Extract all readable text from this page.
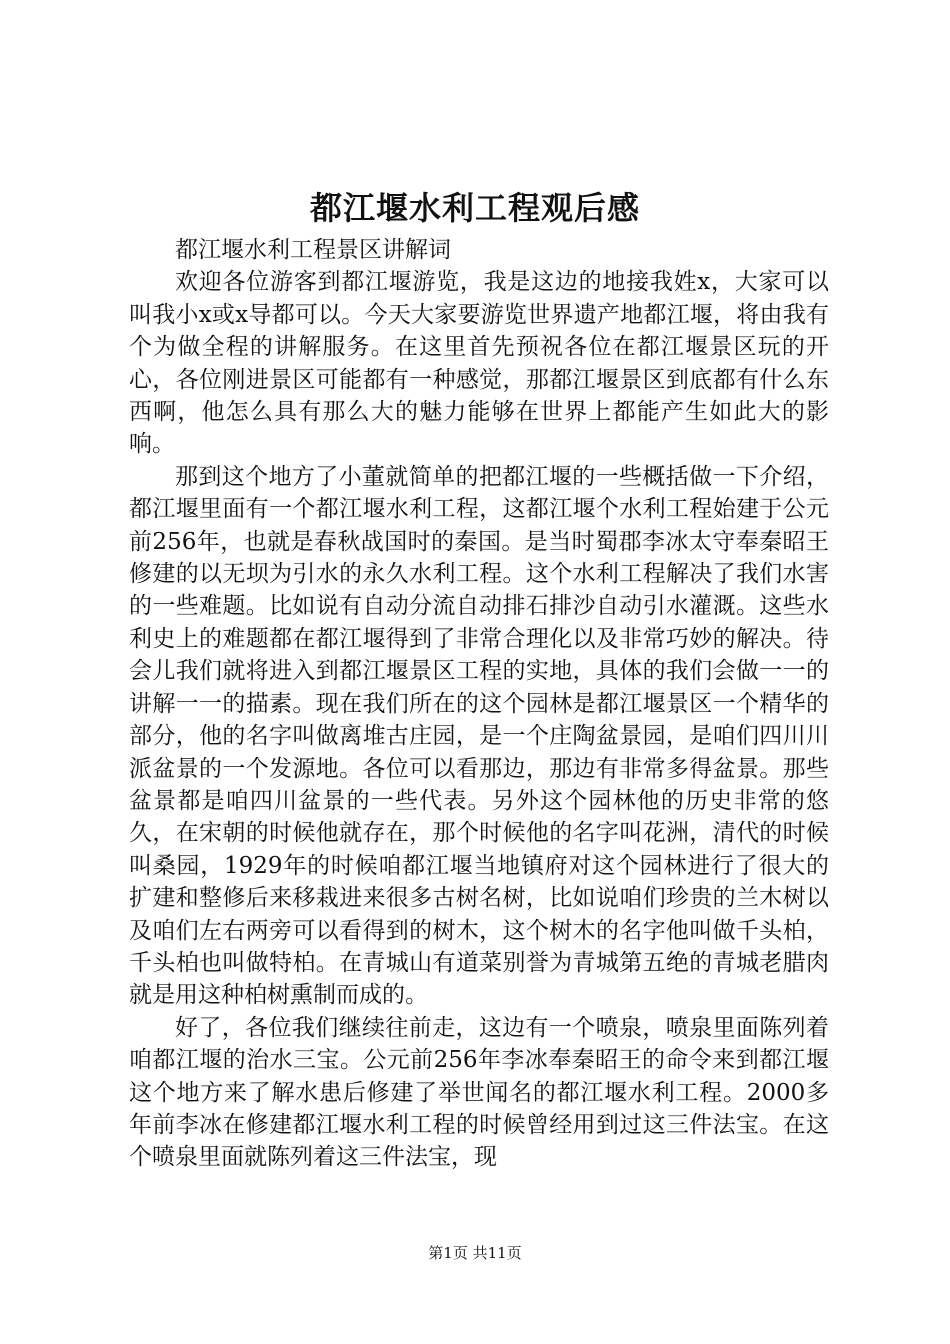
都江堰水利工程观后感

都江堰水利工程景区讲解词

欢迎各位游客到都江堰游览，我是这边的地接我姓x，大家可以叫我小x或x导都可以。今天大家要游览世界遗产地都江堰，将由我有个为做全程的讲解服务。在这里首先预祝各位在都江堰景区玩的开心，各位刚进景区可能都有一种感觉，那都江堰景区到底都有什么东西啊，他怎么具有那么大的魅力能够在世界上都能产生如此大的影响。

那到这个地方了小董就简单的把都江堰的一些概括做一下介绍，都江堰里面有一个都江堰水利工程，这都江堰个水利工程始建于公元前256年，也就是春秋战国时的秦国。是当时蜀郡李冰太守奉秦昭王修建的以无坝为引水的永久水利工程。这个水利工程解决了我们水害的一些难题。比如说有自动分流自动排石排沙自动引水灌溉。这些水利史上的难题都在都江堰得到了非常合理化以及非常巧妙的解决。待会儿我们就将进入到都江堰景区工程的实地，具体的我们会做一一的讲解一一的描素。现在我们所在的这个园林是都江堰景区一个精华的部分，他的名字叫做离堆古庄园，是一个庄陶盆景园，是咱们四川川派盆景的一个发源地。各位可以看那边，那边有非常多得盆景。那些盆景都是咱四川盆景的一些代表。另外这个园林他的历史非常的悠久，在宋朝的时候他就存在，那个时候他的名字叫花洲，清代的时候叫桑园，1929年的时候咱都江堰当地镇府对这个园林进行了很大的扩建和整修后来移栽进来很多古树名树，比如说咱们珍贵的兰木树以及咱们左右两旁可以看得到的树木，这个树木的名字他叫做千头柏，千头柏也叫做特柏。在青城山有道菜别誉为青城第五绝的青城老腊肉就是用这种柏树熏制而成的。

好了，各位我们继续往前走，这边有一个喷泉，喷泉里面陈列着咱都江堰的治水三宝。公元前256年李冰奉秦昭王的命令来到都江堰这个地方来了解水患后修建了举世闻名的都江堰水利工程。2000多年前李冰在修建都江堰水利工程的时候曾经用到过这三件法宝。在这个喷泉里面就陈列着这三件法宝，现

第1页 共11页
